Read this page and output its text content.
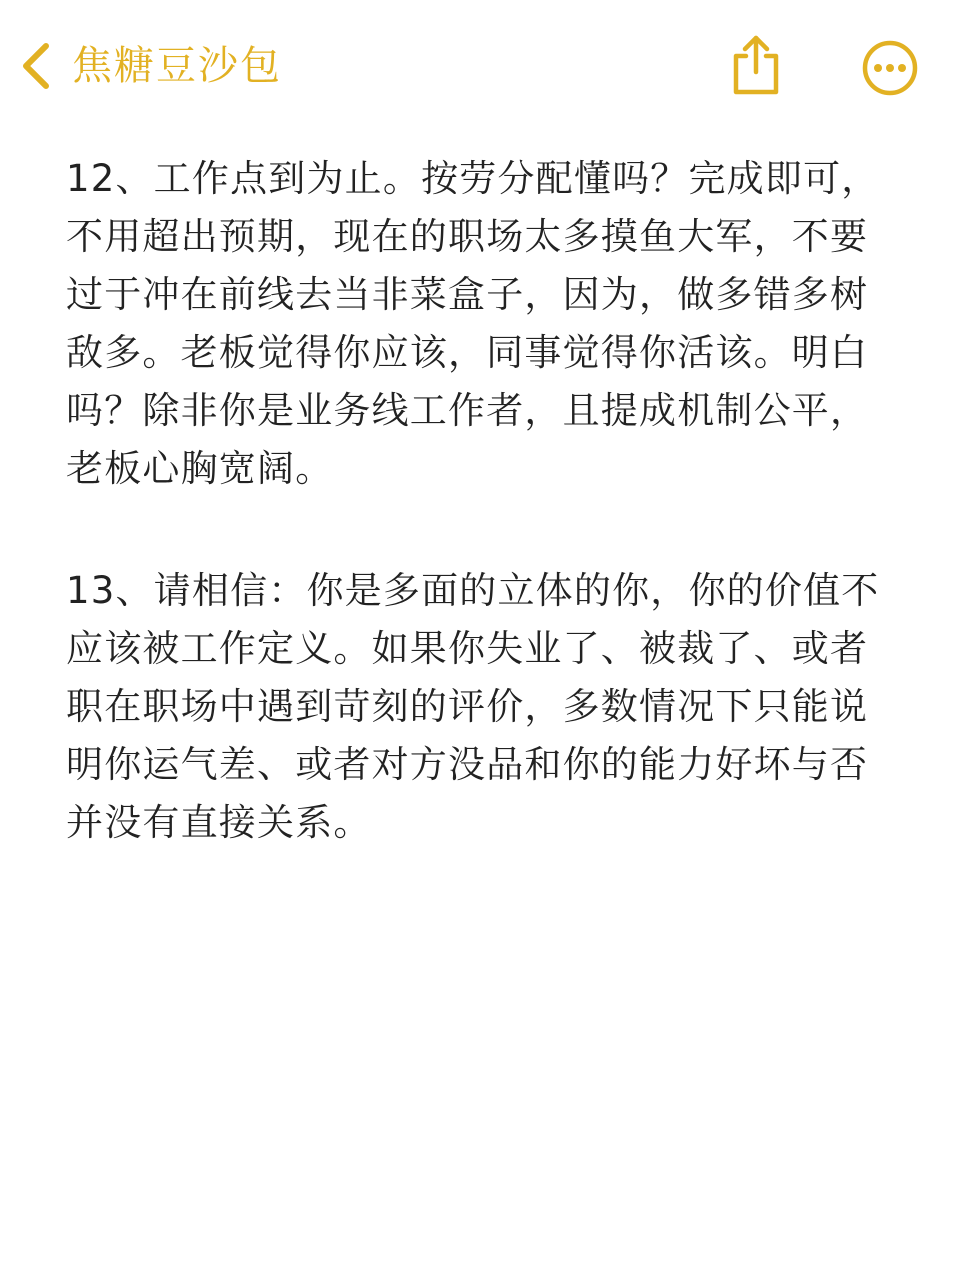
焦糖豆沙包

12、工作点到为止。按劳分配懂吗？完成即可，不用超出预期，现在的职场太多摸鱼大军，不要过于冲在前线去当非菜盒子，因为，做多错多树敌多。老板觉得你应该，同事觉得你活该。明白吗？除非你是业务线工作者，且提成机制公平，老板心胸宽阔。

13、请相信：你是多面的立体的你，你的价值不应该被工作定义。如果你失业了、被裁了、或者职在职场中遇到苛刻的评价，多数情况下只能说明你运气差、或者对方没品和你的能力好坏与否并没有直接关系。
